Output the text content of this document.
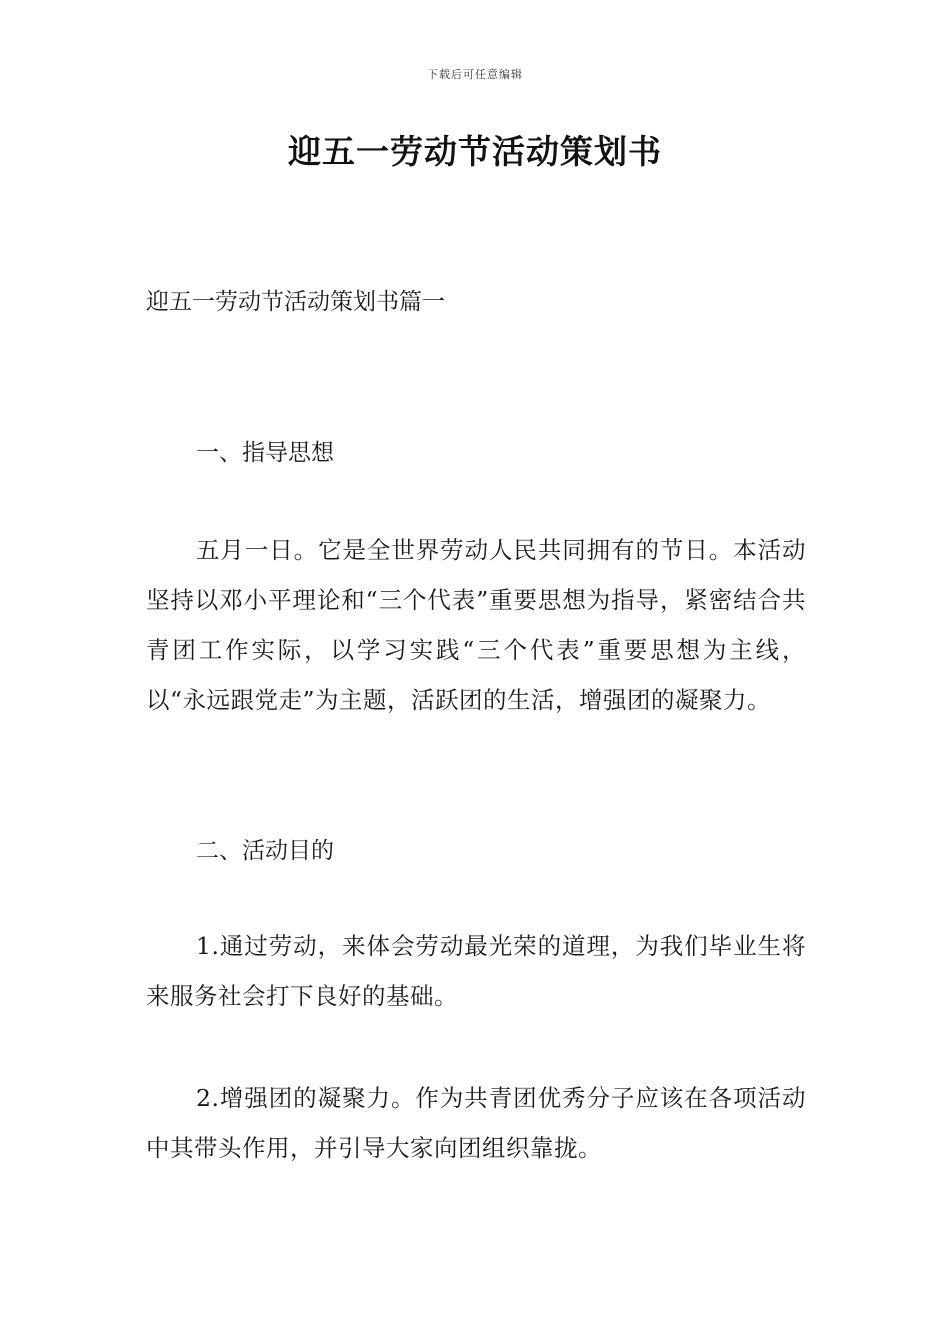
下载后可任意编辑
迎五一劳动节活动策划书
迎五一劳动节活动策划书篇一
一、指导思想
五月一日。它是全世界劳动人民共同拥有的节日。本活动坚持以邓小平理论和“三个代表”重要思想为指导，紧密结合共青团工作实际，以学习实践“三个代表”重要思想为主线，以“永远跟党走”为主题，活跃团的生活，增强团的凝聚力。
二、活动目的
1.通过劳动，来体会劳动最光荣的道理，为我们毕业生将来服务社会打下良好的基础。
2.增强团的凝聚力。作为共青团优秀分子应该在各项活动中其带头作用，并引导大家向团组织靠拢。
